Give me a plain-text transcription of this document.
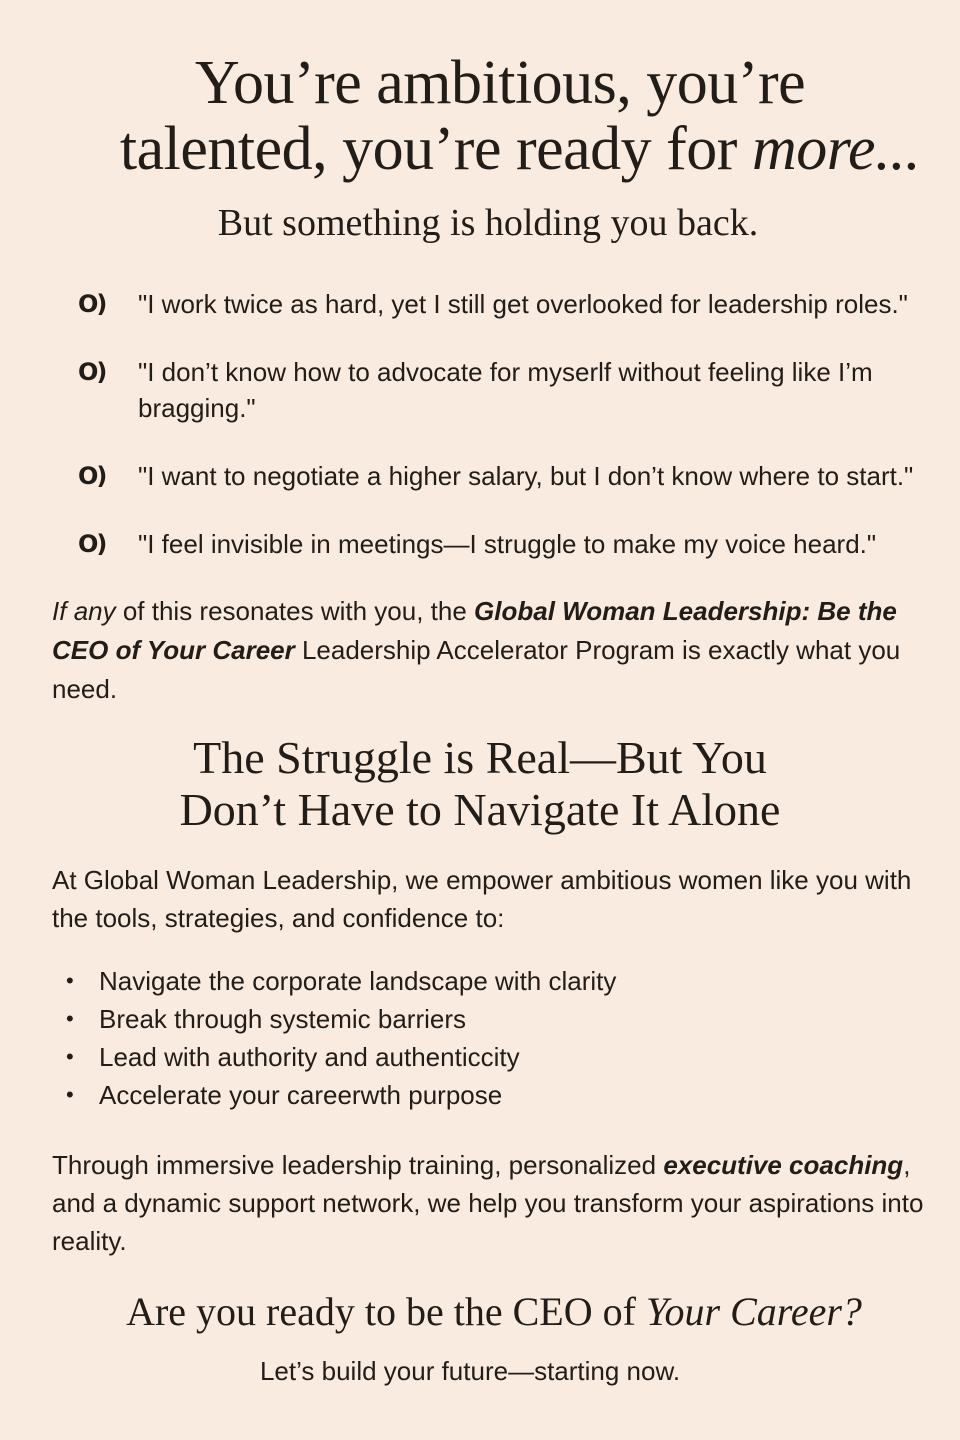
You’re ambitious, you’re
talented, you’re ready for more...
But something is holding you back.
O)	"I work twice as hard, yet I still get overlooked for leadership roles."
O)	"I don’t know how to advocate for myserlf without feeling like I’m bragging."
O)	"I want to negotiate a higher salary, but I don’t know where to start."
O)	"I feel invisible in meetings—I struggle to make my voice heard."

If any of this resonates with you, the Global Woman Leadership: Be the CEO of Your Career Leadership Accelerator Program is exactly what you need.

The Struggle is Real—But You
Don’t Have to Navigate It Alone

At Global Woman Leadership, we empower ambitious women like you with the tools, strategies, and confidence to:

• Navigate the corporate landscape with clarity
• Break through systemic barriers
• Lead with authority and authenticcity
• Accelerate your careerwth purpose

Through immersive leadership training, personalized executive coaching, and a dynamic support network, we help you transform your aspirations into reality.

Are you ready to be the CEO of Your Career?

Let’s build your future—starting now.
